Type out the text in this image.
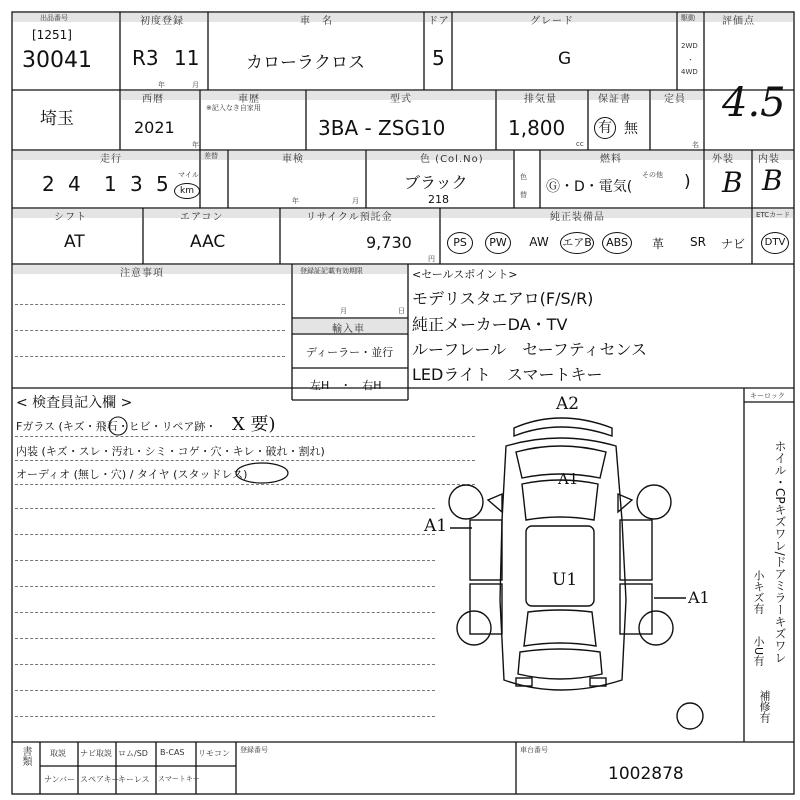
出品番号
[1251]
30041
初度登録
R3 11
年	月
車　名
カローラクロス
ドア
5
グレード
G
駆動
2WD
・
4WD
評価点
4.5
埼玉
西暦
2021
年
車歴
※記入なき自家用
型式
3BA - ZSG10
排気量
1,800
cc
保証書
有 無
定員
名
走行
2 4 1 3 5 マイル
km
差替	車検
年	月
色 (Col.No)
ブラック
218
色
替
燃料
Ⓖ・D・電気(
その他 )
外装
B
内装
B
シフト
AT
エアコン
AAC
リサイクル預託金
9,730
円
純正装備品	ETCカード
PS	PW	AW	エアB	ABS	革	SR	ナビ	DTV
注意事項	登録証記載有効期限
月	日
輸入車
ディーラー・並行
左H　・　右H
<セールスポイント>
モデリスタエアロ(F/S/R)
純正メーカーDA・TV
ルーフレール　セーフティセンス
LEDライト　スマートキー
< 検査員記入欄 >
Fガラス (キズ・飛石・ヒビ・リペア跡・ X 要)
内装 (キズ・スレ・汚れ・シミ・コゲ・穴・キレ・破れ・割れ)
オーディオ (無し・穴) / タイヤ (スタッドレス)
キーロック
ホイル・CPキズワレ/ドアミラーキズワレ
小キズ有
小U有
補修有
A2
A1
A1
U1
A1
書類 取説 ナビ取説 ロム/SD B-CAS リモコン
ナンバー スペアキー
キーレス スマートキー
登録番号	車台番号
1002878
